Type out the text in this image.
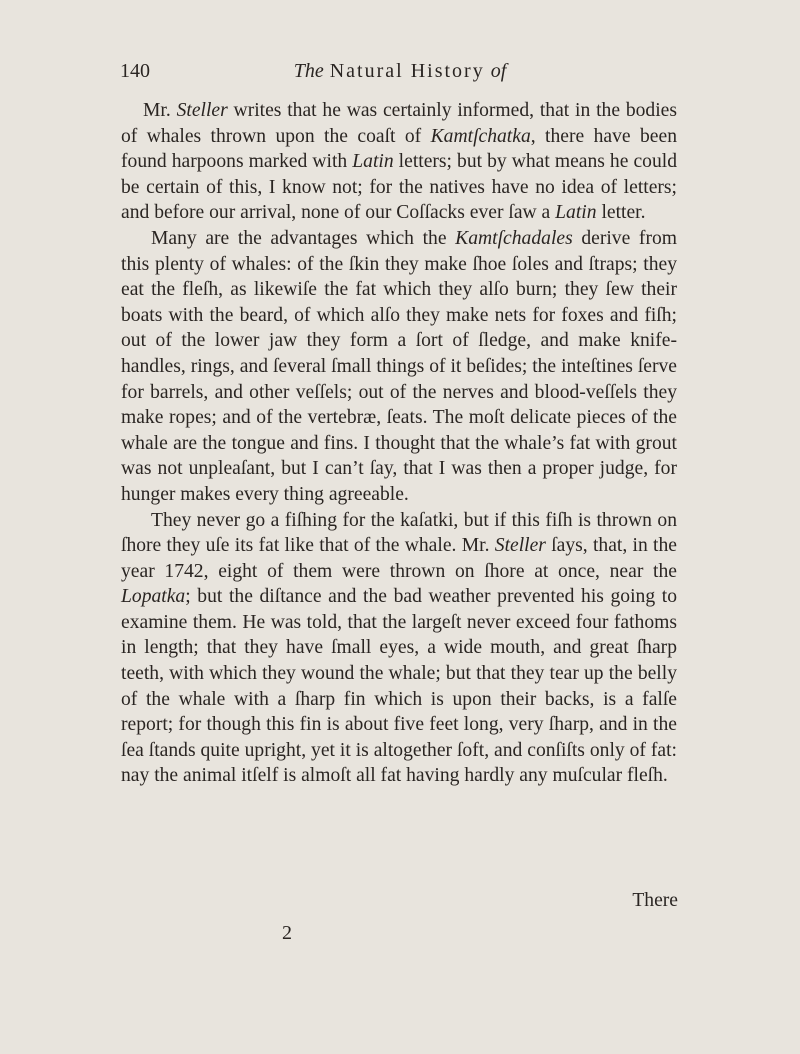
140	The Natural History of

Mr. Steller writes that he was certainly informed, that in the bodies of whales thrown upon the coaſt of Kamtſchatka, there have been found harpoons marked with Latin letters; but by what means he could be certain of this, I know not; for the natives have no idea of letters; and before our arrival, none of our Coſſacks ever ſaw a Latin letter.

Many are the advantages which the Kamtſchadales derive from this plenty of whales: of the ſkin they make ſhoe ſoles and ſtraps; they eat the fleſh, as likewiſe the fat which they alſo burn; they ſew their boats with the beard, of which alſo they make nets for foxes and fiſh; out of the lower jaw they form a ſort of ſledge, and make knife-handles, rings, and ſeveral ſmall things of it beſides; the inteſtines ſerve for barrels, and other veſſels; out of the nerves and blood-veſſels they make ropes; and of the vertebræ, ſeats. The moſt delicate pieces of the whale are the tongue and fins. I thought that the whale’s fat with grout was not unpleaſant, but I can’t ſay, that I was then a proper judge, for hunger makes every thing agreeable.

They never go a fiſhing for the kaſatki, but if this fiſh is thrown on ſhore they uſe its fat like that of the whale. Mr. Steller ſays, that, in the year 1742, eight of them were thrown on ſhore at once, near the Lopatka; but the diſtance and the bad weather prevented his going to examine them. He was told, that the largeſt never exceed four fathoms in length; that they have ſmall eyes, a wide mouth, and great ſharp teeth, with which they wound the whale; but that they tear up the belly of the whale with a ſharp fin which is upon their backs, is a falſe report; for though this fin is about five feet long, very ſharp, and in the ſea ſtands quite upright, yet it is altogether ſoft, and conſiſts only of fat: nay the animal itſelf is almoſt all fat having hardly any muſcular fleſh.

2
There
